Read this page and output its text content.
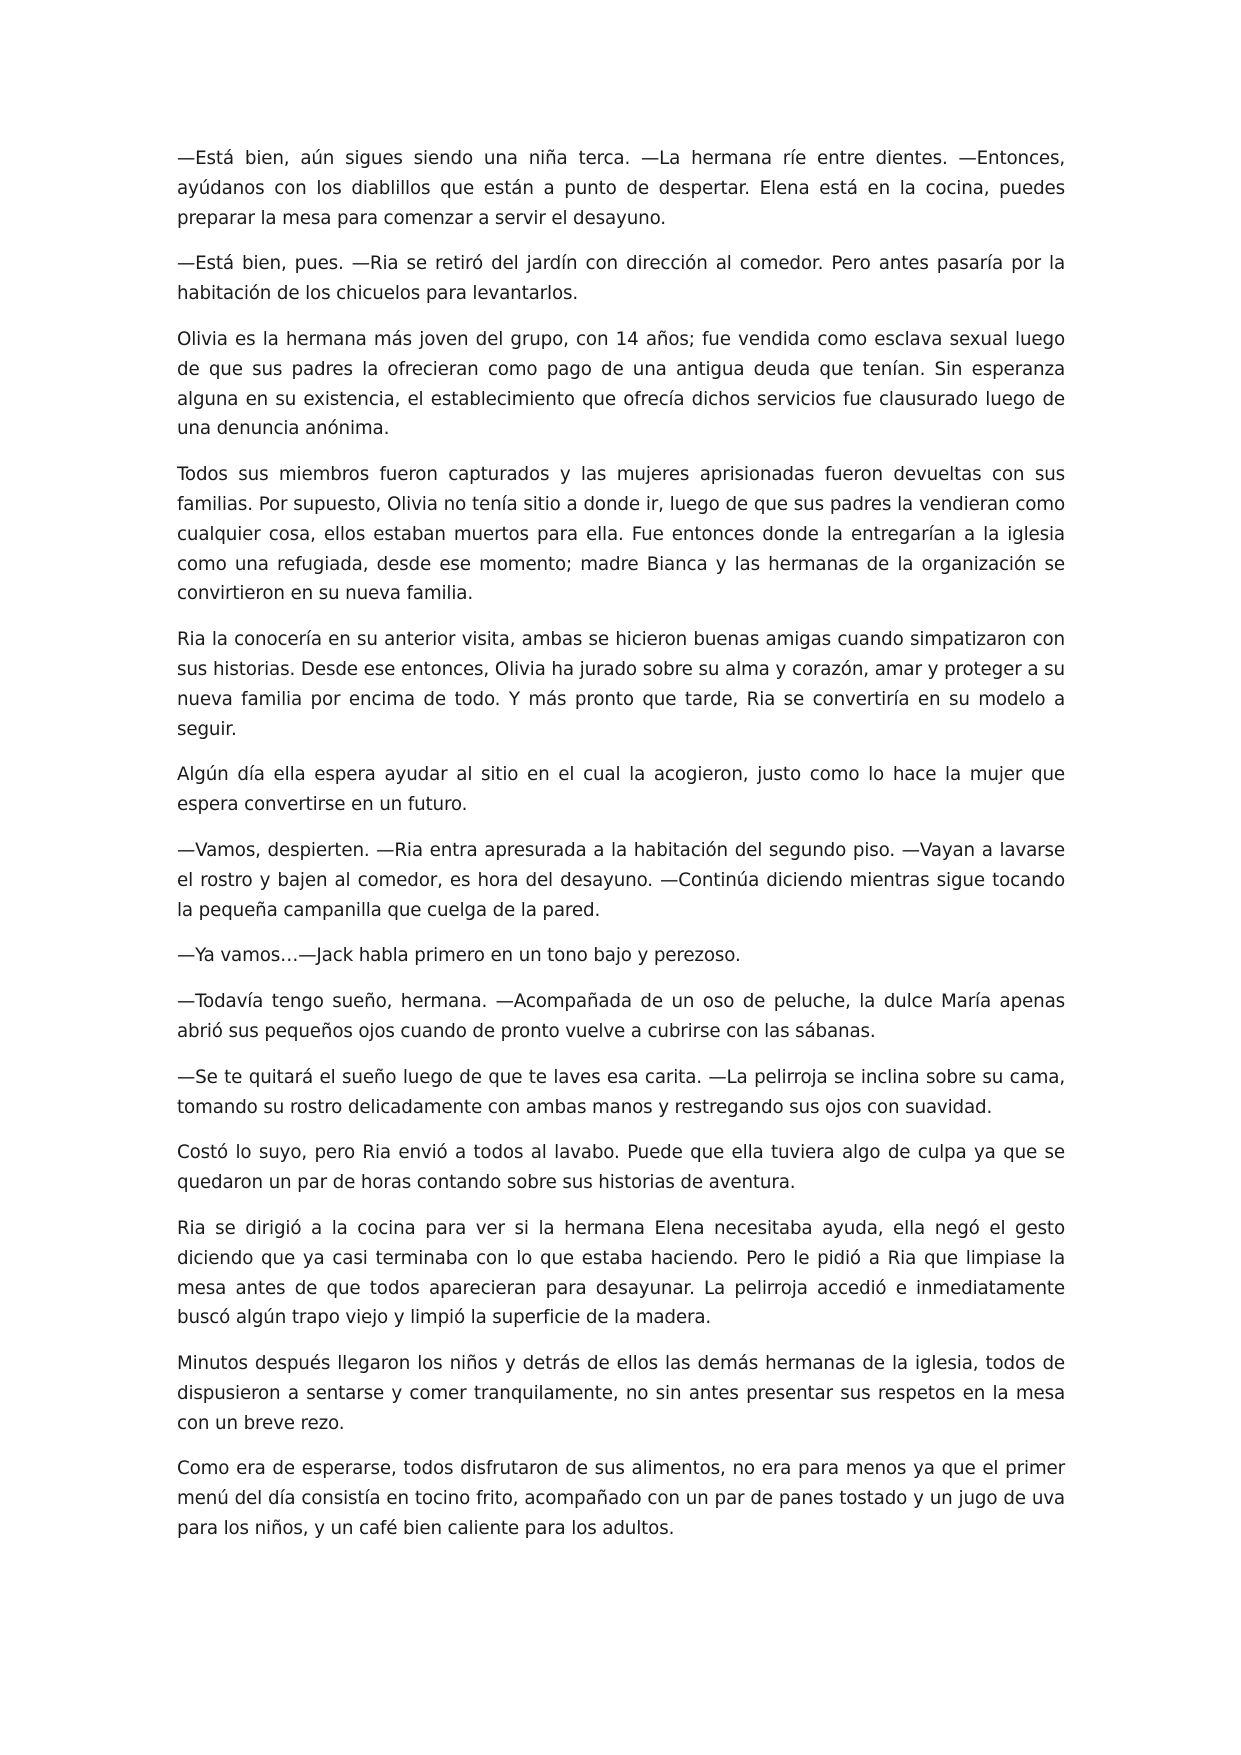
—Está bien, aún sigues siendo una niña terca. —La hermana ríe entre dientes. —Entonces, ayúdanos con los diablillos que están a punto de despertar. Elena está en la cocina, puedes preparar la mesa para comenzar a servir el desayuno.

—Está bien, pues. —Ria se retiró del jardín con dirección al comedor. Pero antes pasaría por la habitación de los chicuelos para levantarlos.

Olivia es la hermana más joven del grupo, con 14 años; fue vendida como esclava sexual luego de que sus padres la ofrecieran como pago de una antigua deuda que tenían. Sin esperanza alguna en su existencia, el establecimiento que ofrecía dichos servicios fue clausurado luego de una denuncia anónima.

Todos sus miembros fueron capturados y las mujeres aprisionadas fueron devueltas con sus familias. Por supuesto, Olivia no tenía sitio a donde ir, luego de que sus padres la vendieran como cualquier cosa, ellos estaban muertos para ella. Fue entonces donde la entregarían a la iglesia como una refugiada, desde ese momento; madre Bianca y las hermanas de la organización se convirtieron en su nueva familia.

Ria la conocería en su anterior visita, ambas se hicieron buenas amigas cuando simpatizaron con sus historias. Desde ese entonces, Olivia ha jurado sobre su alma y corazón, amar y proteger a su nueva familia por encima de todo. Y más pronto que tarde, Ria se convertiría en su modelo a seguir.

Algún día ella espera ayudar al sitio en el cual la acogieron, justo como lo hace la mujer que espera convertirse en un futuro.

—Vamos, despierten. —Ria entra apresurada a la habitación del segundo piso. —Vayan a lavarse el rostro y bajen al comedor, es hora del desayuno. —Continúa diciendo mientras sigue tocando la pequeña campanilla que cuelga de la pared.

—Ya vamos…—Jack habla primero en un tono bajo y perezoso.

—Todavía tengo sueño, hermana. —Acompañada de un oso de peluche, la dulce María apenas abrió sus pequeños ojos cuando de pronto vuelve a cubrirse con las sábanas.

—Se te quitará el sueño luego de que te laves esa carita. —La pelirroja se inclina sobre su cama, tomando su rostro delicadamente con ambas manos y restregando sus ojos con suavidad.

Costó lo suyo, pero Ria envió a todos al lavabo. Puede que ella tuviera algo de culpa ya que se quedaron un par de horas contando sobre sus historias de aventura.

Ria se dirigió a la cocina para ver si la hermana Elena necesitaba ayuda, ella negó el gesto diciendo que ya casi terminaba con lo que estaba haciendo. Pero le pidió a Ria que limpiase la mesa antes de que todos aparecieran para desayunar. La pelirroja accedió e inmediatamente buscó algún trapo viejo y limpió la superficie de la madera.

Minutos después llegaron los niños y detrás de ellos las demás hermanas de la iglesia, todos de dispusieron a sentarse y comer tranquilamente, no sin antes presentar sus respetos en la mesa con un breve rezo.

Como era de esperarse, todos disfrutaron de sus alimentos, no era para menos ya que el primer menú del día consistía en tocino frito, acompañado con un par de panes tostado y un jugo de uva para los niños, y un café bien caliente para los adultos.
